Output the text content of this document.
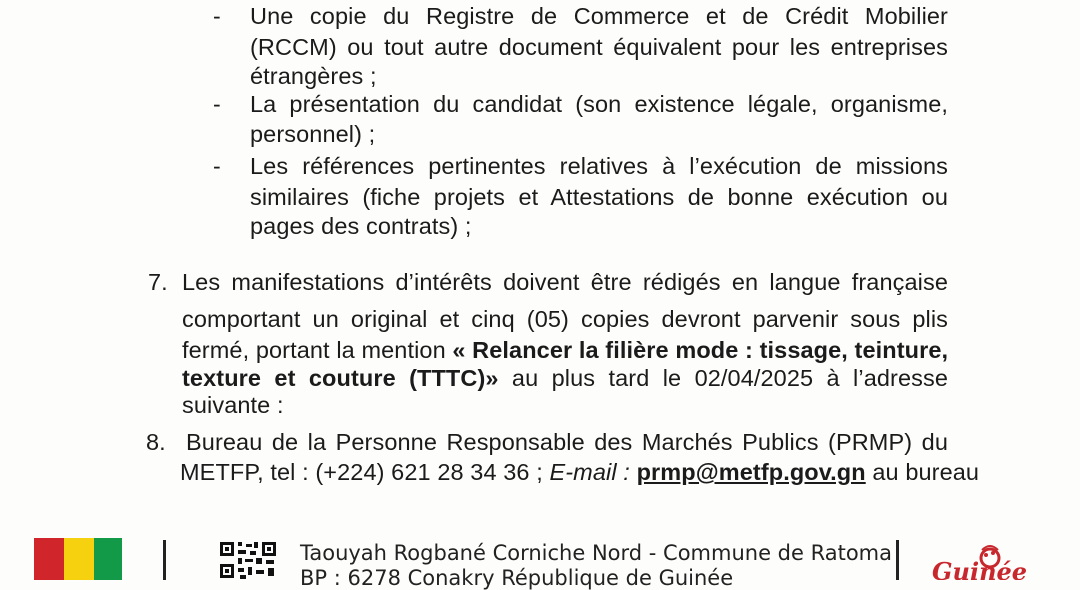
- Une copie du Registre de Commerce et de Crédit Mobilier
(RCCM) ou tout autre document équivalent pour les entreprises
étrangères ;
- La présentation du candidat (son existence légale, organisme,
personnel) ;
- Les références pertinentes relatives à l’exécution de missions
similaires (fiche projets et Attestations de bonne exécution ou
pages des contrats) ;
7. Les manifestations d’intérêts doivent être rédigés en langue française
comportant un original et cinq (05) copies devront parvenir sous plis
fermé, portant la mention « Relancer la filière mode : tissage, teinture,
texture et couture (TTTC)» au plus tard le 02/04/2025 à l’adresse
suivante :
8. Bureau de la Personne Responsable des Marchés Publics (PRMP) du
METFP, tel : (+224) 621 28 34 36 ; E-mail : prmp@metfp.gov.gn au bureau
Taouyah Rogbané Corniche Nord - Commune de Ratoma
BP : 6278 Conakry République de Guinée	Guinée
